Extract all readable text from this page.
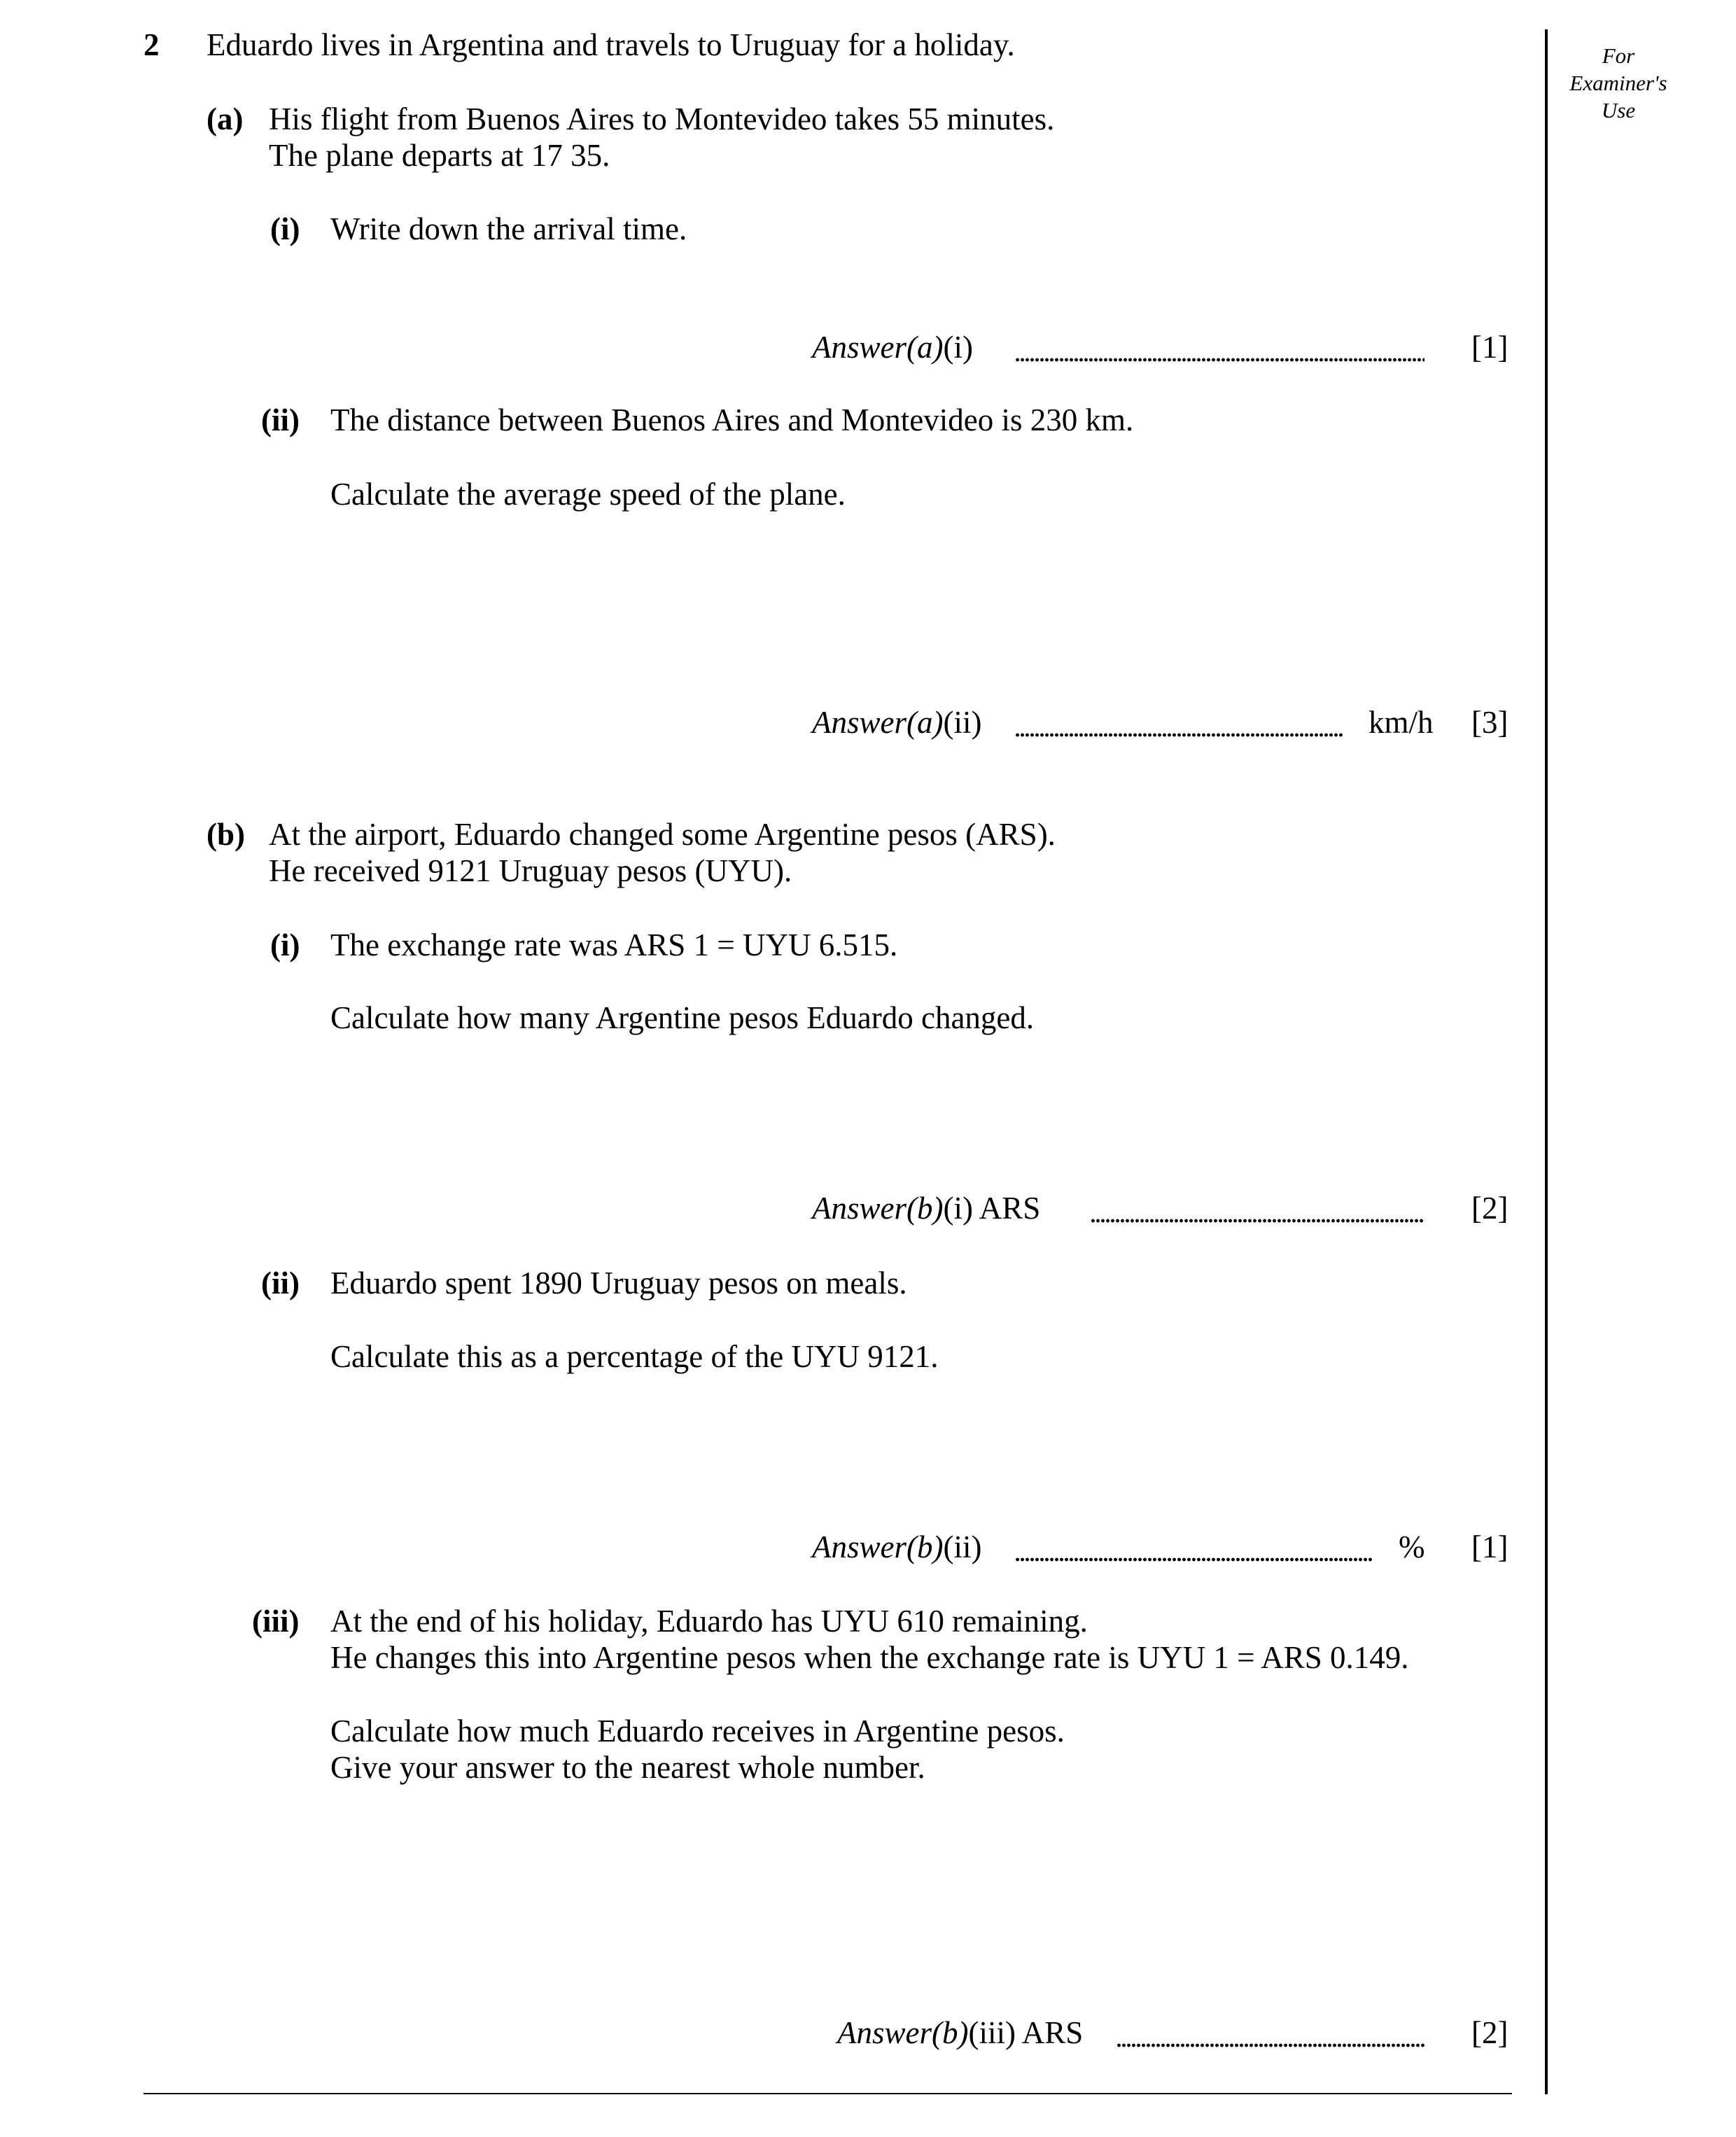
For
Examiner's
Use
2 Eduardo lives in Argentina and travels to Uruguay for a holiday.
(a) His flight from Buenos Aires to Montevideo takes 55 minutes.
The plane departs at 17 35.
(i) Write down the arrival time.
Answer(a)(i)	[1]
(ii) The distance between Buenos Aires and Montevideo is 230 km.
Calculate the average speed of the plane.
Answer(a)(ii)	km/h [3]
(b) At the airport, Eduardo changed some Argentine pesos (ARS).
He received 9121 Uruguay pesos (UYU).
(i) The exchange rate was ARS 1 = UYU 6.515.
Calculate how many Argentine pesos Eduardo changed.
Answer(b)(i) ARS	[2]
(ii) Eduardo spent 1890 Uruguay pesos on meals.
Calculate this as a percentage of the UYU 9121.
Answer(b)(ii)	% [1]
(iii) At the end of his holiday, Eduardo has UYU 610 remaining.
He changes this into Argentine pesos when the exchange rate is UYU 1 = ARS 0.149.
Calculate how much Eduardo receives in Argentine pesos.
Give your answer to the nearest whole number.
Answer(b)(iii) ARS	[2]
